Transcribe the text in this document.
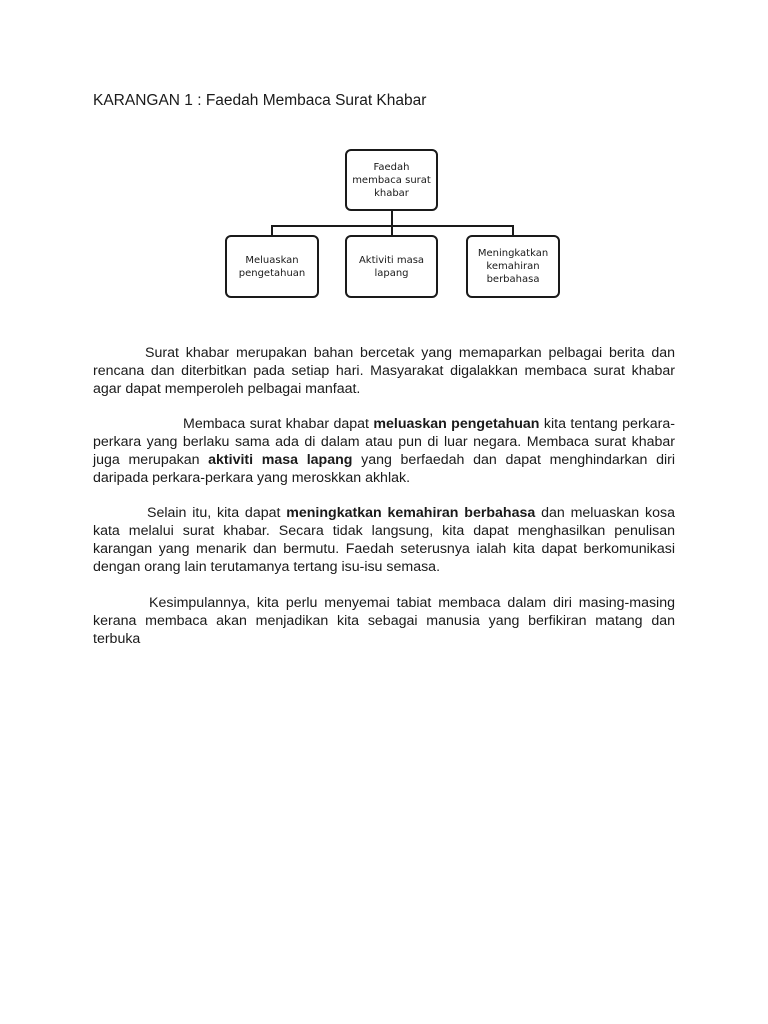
KARANGAN 1 : Faedah Membaca Surat Khabar
Faedah membaca surat khabar
Meluaskan pengetahuan
Aktiviti masa lapang
Meningkatkan kemahiran berbahasa

Surat khabar merupakan bahan bercetak yang memaparkan pelbagai berita dan rencana dan diterbitkan pada setiap hari. Masyarakat digalakkan membaca surat khabar agar dapat memperoleh pelbagai manfaat.

Membaca surat khabar dapat meluaskan pengetahuan kita tentang perkara-perkara yang berlaku sama ada di dalam atau pun di luar negara. Membaca surat khabar juga merupakan aktiviti masa lapang yang berfaedah dan dapat menghindarkan diri daripada perkara-perkara yang meroskkan akhlak.

Selain itu, kita dapat meningkatkan kemahiran berbahasa dan meluaskan kosa kata melalui surat khabar. Secara tidak langsung, kita dapat menghasilkan penulisan karangan yang menarik dan bermutu. Faedah seterusnya ialah kita dapat berkomunikasi dengan orang lain terutamanya tertang isu-isu semasa.

Kesimpulannya, kita perlu menyemai tabiat membaca dalam diri masing-masing kerana membaca akan menjadikan kita sebagai manusia yang berfikiran matang dan terbuka
